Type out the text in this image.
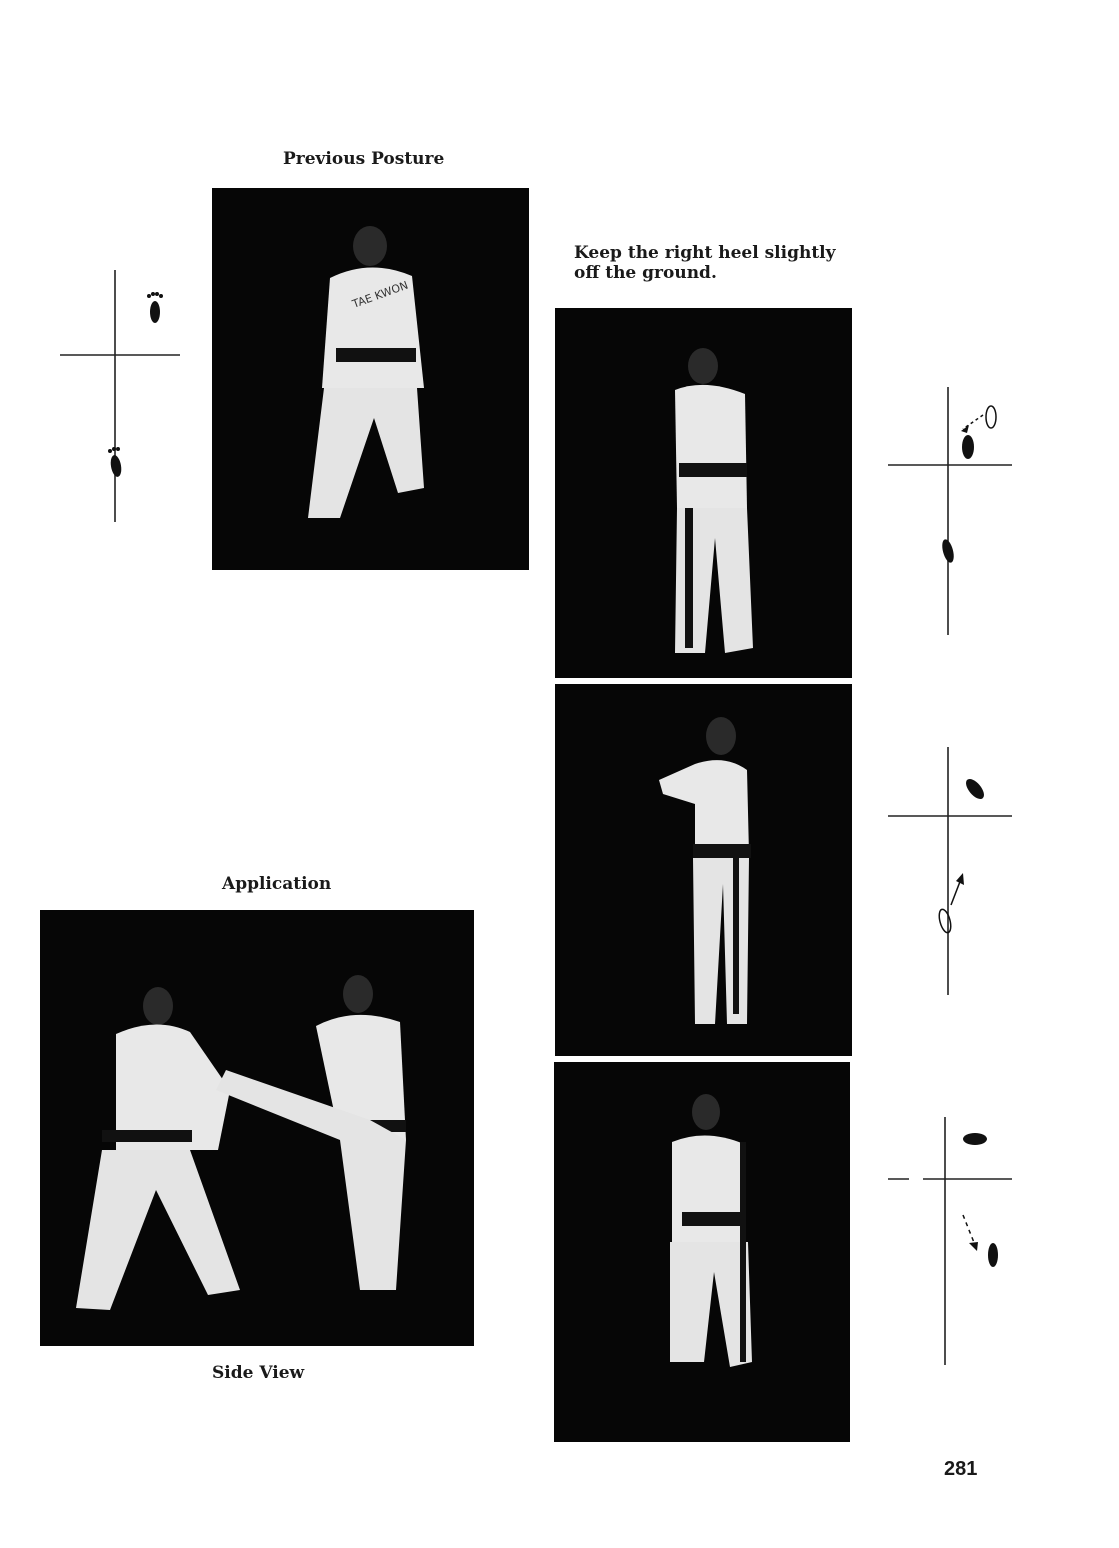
Previous Posture
TAE KWON
Keep the right heel slightly
off the ground.
Application
Side View
281
